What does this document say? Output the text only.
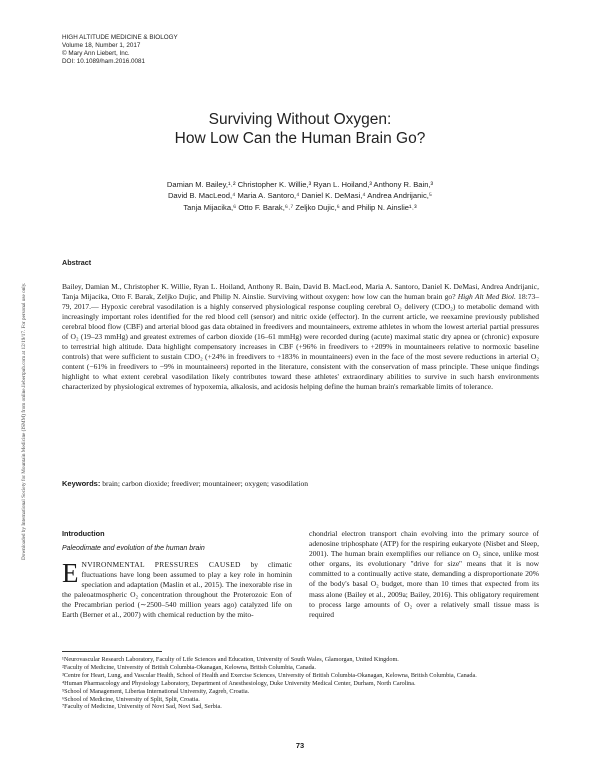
HIGH ALTITUDE MEDICINE & BIOLOGY
Volume 18, Number 1, 2017
© Mary Ann Liebert, Inc.
DOI: 10.1089/ham.2016.0081
Downloaded by International Society for Mountain Medicine (ISMM) from online.liebertpub.com at 12/19/17. For personal use only.
Surviving Without Oxygen:
How Low Can the Human Brain Go?
Damian M. Bailey,¹˒² Christopher K. Willie,³ Ryan L. Hoiland,³ Anthony R. Bain,³
David B. MacLeod,⁴ Maria A. Santoro,⁴ Daniel K. DeMasi,⁴ Andrea Andrijanic,⁵
Tanja Mijacika,⁶ Otto F. Barak,⁶˒⁷ Zeljko Dujic,⁶ and Philip N. Ainslie¹˒³
Abstract
Bailey, Damian M., Christopher K. Willie, Ryan L. Hoiland, Anthony R. Bain, David B. MacLeod, Maria A. Santoro, Daniel K. DeMasi, Andrea Andrijanic, Tanja Mijacika, Otto F. Barak, Zeljko Dujic, and Philip N. Ainslie. Surviving without oxygen: how low can the human brain go? High Alt Med Biol. 18:73–79, 2017.— Hypoxic cerebral vasodilation is a highly conserved physiological response coupling cerebral O₂ delivery (CDO₂) to metabolic demand with increasingly important roles identified for the red blood cell (sensor) and nitric oxide (effector). In the current article, we reexamine previously published cerebral blood flow (CBF) and arterial blood gas data obtained in freedivers and mountaineers, extreme athletes in whom the lowest arterial partial pressures of O₂ (19–23 mmHg) and greatest extremes of carbon dioxide (16–61 mmHg) were recorded during (acute) maximal static dry apnea or (chronic) exposure to terrestrial high altitude. Data highlight compensatory increases in CBF (+96% in freedivers to +209% in mountaineers relative to normoxic baseline controls) that were sufficient to sustain CDO₂ (+24% in freedivers to +183% in mountaineers) even in the face of the most severe reductions in arterial O₂ content (−61% in freedivers to −9% in mountaineers) reported in the literature, consistent with the conservation of mass principle. These unique findings highlight to what extent cerebral vasodilation likely contributes toward these athletes' extraordinary abilities to survive in such harsh environments characterized by physiological extremes of hypoxemia, alkalosis, and acidosis helping define the human brain's remarkable limits of tolerance.
Keywords: brain; carbon dioxide; freediver; mountaineer; oxygen; vasodilation
Introduction
Paleodimate and evolution of the human brain
ENVIRONMENTAL PRESSURES CAUSED by climatic fluctuations have long been assumed to play a key role in hominin speciation and adaptation (Maslin et al., 2015). The inexorable rise in the paleoatmospheric O₂ concentration throughout the Proterozoic Eon of the Precambrian period (∼2500–540 million years ago) catalyzed life on Earth (Berner et al., 2007) with chemical reduction by the mito-
chondrial electron transport chain evolving into the primary source of adenosine triphosphate (ATP) for the respiring eukaryote (Nisbet and Sleep, 2001). The human brain exemplifies our reliance on O₂ since, unlike most other organs, its evolutionary ''drive for size'' means that it is now committed to a continually active state, demanding a disproportionate 20% of the body's basal O₂ budget, more than 10 times that expected from its mass alone (Bailey et al., 2009a; Bailey, 2016). This obligatory requirement to process large amounts of O₂ over a relatively small tissue mass is required
¹Neurovascular Research Laboratory, Faculty of Life Sciences and Education, University of South Wales, Glamorgan, United Kingdom.
²Faculty of Medicine, University of British Columbia-Okanagan, Kelowna, British Columbia, Canada.
³Centre for Heart, Lung, and Vascular Health, School of Health and Exercise Sciences, University of British Columbia-Okanagan, Kelowna, British Columbia, Canada.
⁴Human Pharmacology and Physiology Laboratory, Department of Anesthesiology, Duke University Medical Center, Durham, North Carolina.
⁵School of Management, Libertas International University, Zagreb, Croatia.
⁶School of Medicine, University of Split, Split, Croatia.
⁷Faculty of Medicine, University of Novi Sad, Novi Sad, Serbia.
73
